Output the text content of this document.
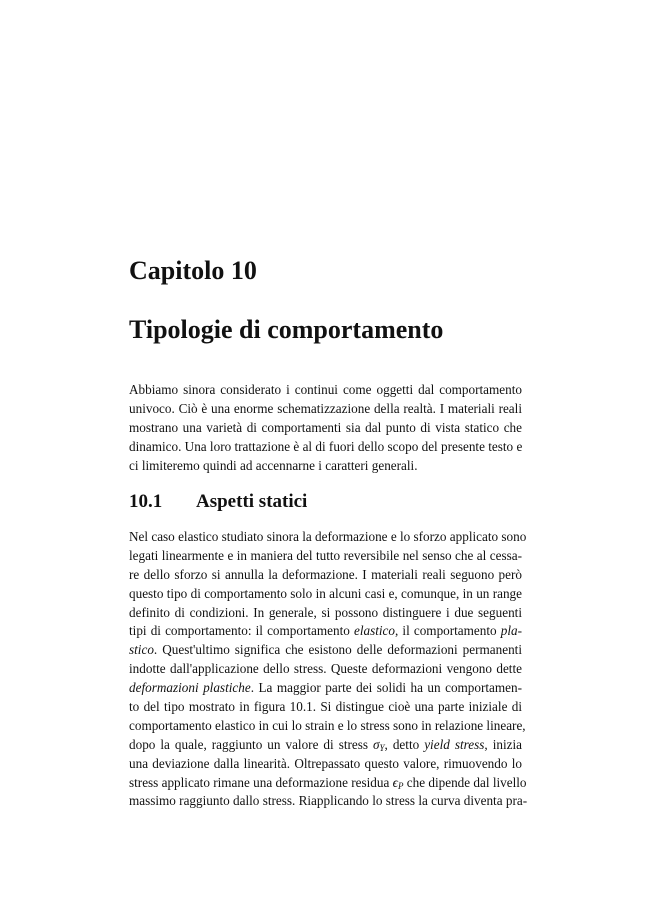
Capitolo 10
Tipologie di comportamento
Abbiamo sinora considerato i continui come oggetti dal comportamento
univoco. Ciò è una enorme schematizzazione della realtà. I materiali reali
mostrano una varietà di comportamenti sia dal punto di vista statico che
dinamico. Una loro trattazione è al di fuori dello scopo del presente testo e
ci limiteremo quindi ad accennarne i caratteri generali.
10.1 Aspetti statici
Nel caso elastico studiato sinora la deformazione e lo sforzo applicato sono
legati linearmente e in maniera del tutto reversibile nel senso che al cessa-
re dello sforzo si annulla la deformazione. I materiali reali seguono però
questo tipo di comportamento solo in alcuni casi e, comunque, in un range
definito di condizioni. In generale, si possono distinguere i due seguenti
tipi di comportamento: il comportamento elastico, il comportamento pla-
stico. Quest'ultimo significa che esistono delle deformazioni permanenti
indotte dall'applicazione dello stress. Queste deformazioni vengono dette
deformazioni plastiche. La maggior parte dei solidi ha un comportamen-
to del tipo mostrato in figura 10.1. Si distingue cioè una parte iniziale di
comportamento elastico in cui lo strain e lo stress sono in relazione lineare,
dopo la quale, raggiunto un valore di stress $\sigma_Y$, detto yield stress, inizia
una deviazione dalla linearità. Oltrepassato questo valore, rimuovendo lo
stress applicato rimane una deformazione residua $\epsilon_P$ che dipende dal livello
massimo raggiunto dallo stress. Riapplicando lo stress la curva diventa pra-
